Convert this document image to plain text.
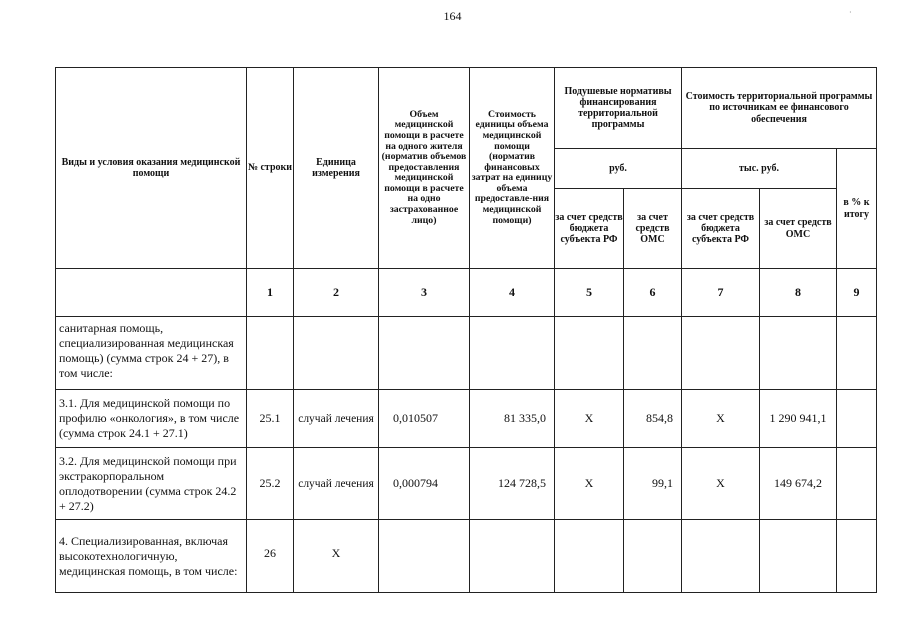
164	·
Виды и условия оказания медицинской помощи	№ строки	Единица измерения	Объем медицинской помощи в расчете на одного жителя (норматив объемов предоставления медицинской помощи в расчете на одно застрахованное лицо)	Стоимость единицы объема медицинской помощи (норматив финансовых затрат на единицу объема предоставле-ния медицинской помощи)	Подушевые нормативы финансирования территориальной программы		Стоимость территориальной программы по источникам ее финансового обеспечения		
					руб.		тыс. руб.		в % к итогу
					за счет средств бюджета субъекта РФ	за счет средств ОМС	за счет средств бюджета субъекта РФ	за счет средств ОМС	
	1	2	3	4	5	6	7	8	9
санитарная помощь, специализированная медицинская помощь) (сумма строк 24 + 27), в том числе:									
3.1. Для медицинской помощи по профилю «онкология», в том числе (сумма строк 24.1 + 27.1)	25.1	случай лечения	0,010507	81 335,0	Х	854,8	Х	1 290 941,1	
3.2. Для медицинской помощи при экстракорпоральном оплодотворении (сумма строк 24.2 + 27.2)	25.2	случай лечения	0,000794	124 728,5	Х	99,1	Х	149 674,2	
4. Специализированная, включая высокотехнологичную, медицинская помощь, в том числе:	26	Х							
